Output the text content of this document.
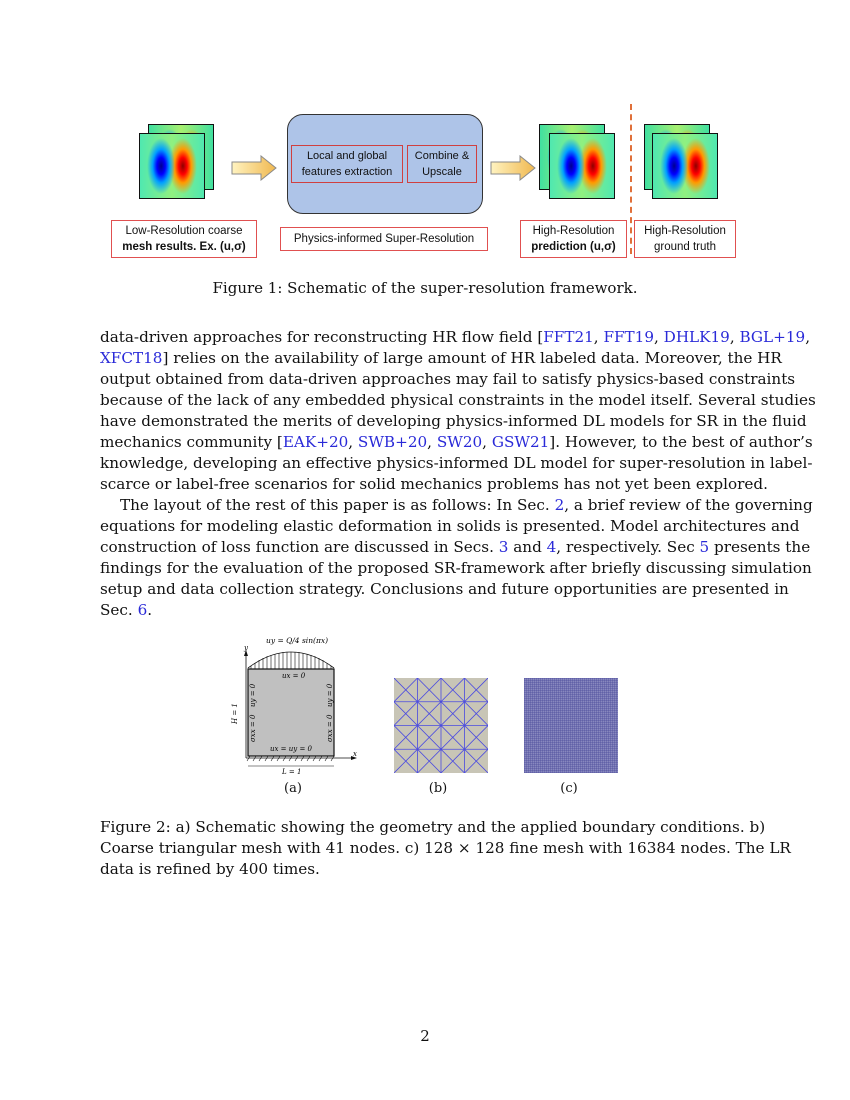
Local and global
features extraction
Combine &
Upscale
Low-Resolution coarse
mesh results. Ex. (u,σ)
Physics-informed Super-Resolution
High-Resolution
prediction (u,σ)
High-Resolution
ground truth
Figure 1: Schematic of the super-resolution framework.
data-driven approaches for reconstructing HR flow field [FFT21, FFT19, DHLK19, BGL+19,
XFCT18] relies on the availability of large amount of HR labeled data. Moreover, the HR
output obtained from data-driven approaches may fail to satisfy physics-based constraints
because of the lack of any embedded physical constraints in the model itself. Several studies
have demonstrated the merits of developing physics-informed DL models for SR in the fluid
mechanics community [EAK+20, SWB+20, SW20, GSW21]. However, to the best of author’s
knowledge, developing an effective physics-informed DL model for super-resolution in label-
scarce or label-free scenarios for solid mechanics problems has not yet been explored.
The layout of the rest of this paper is as follows: In Sec. 2, a brief review of the governing
equations for modeling elastic deformation in solids is presented. Model architectures and
construction of loss function are discussed in Secs. 3 and 4, respectively. Sec 5 presents the
findings for the evaluation of the proposed SR-framework after briefly discussing simulation
setup and data collection strategy. Conclusions and future opportunities are presented in
Sec. 6.
uy = Q/4 sin(πx)
y
x
ux = 0
ux = uy = 0
uy = 0
σxx = 0
uy = 0
σxx = 0
H = 1
L = 1
(a)	(b)	(c)
Figure 2: a) Schematic showing the geometry and the applied boundary conditions. b)
Coarse triangular mesh with 41 nodes. c) 128 × 128 fine mesh with 16384 nodes. The LR
data is refined by 400 times.
2
